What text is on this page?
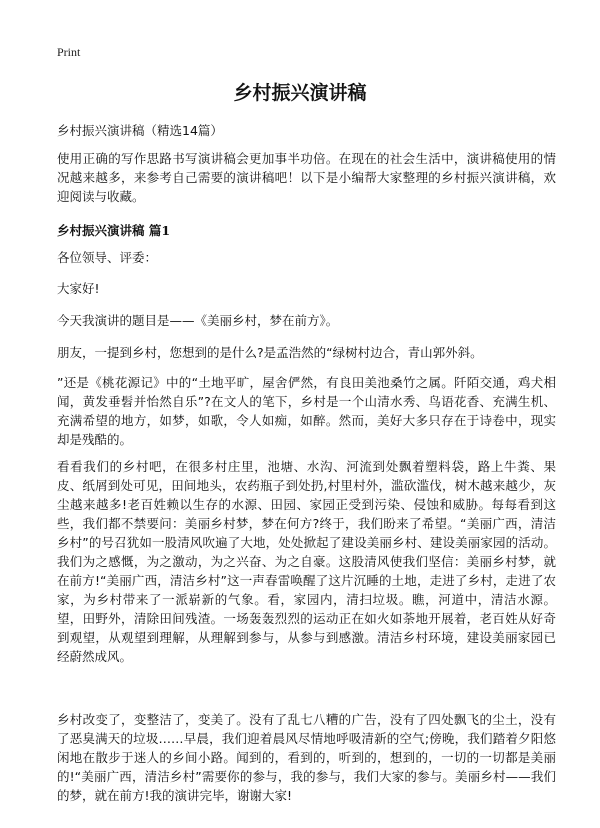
Print
乡村振兴演讲稿

乡村振兴演讲稿（精选14篇）

使用正确的写作思路书写演讲稿会更加事半功倍。在现在的社会生活中，演讲稿使用的情况越来越多，来参考自己需要的演讲稿吧！以下是小编帮大家整理的乡村振兴演讲稿，欢迎阅读与收藏。

乡村振兴演讲稿 篇1

各位领导、评委：

大家好!

今天我演讲的题目是——《美丽乡村，梦在前方》。

朋友，一提到乡村，您想到的是什么?是孟浩然的“绿树村边合，青山郭外斜。

”还是《桃花源记》中的“土地平旷，屋舍俨然，有良田美池桑竹之属。阡陌交通，鸡犬相闻，黄发垂髫并怡然自乐”?在文人的笔下，乡村是一个山清水秀、鸟语花香、充满生机、充满希望的地方，如梦，如歌，令人如痴，如醉。然而，美好大多只存在于诗卷中，现实却是残酷的。

看看我们的乡村吧，在很多村庄里，池塘、水沟、河流到处飘着塑料袋，路上牛粪、果皮、纸屑到处可见，田间地头，农药瓶子到处扔,村里村外，滥砍滥伐，树木越来越少，灰尘越来越多!老百姓赖以生存的水源、田园、家园正受到污染、侵蚀和威胁。每每看到这些，我们都不禁要问：美丽乡村梦，梦在何方?终于，我们盼来了希望。“美丽广西，清洁乡村”的号召犹如一股清风吹遍了大地，处处掀起了建设美丽乡村、建设美丽家园的活动。我们为之感慨，为之激动，为之兴奋、为之自豪。这股清风使我们坚信：美丽乡村梦，就在前方!“美丽广西，清洁乡村”这一声春雷唤醒了这片沉睡的土地，走进了乡村，走进了农家，为乡村带来了一派崭新的气象。看，家园内，清扫垃圾。瞧，河道中，清洁水源。望，田野外，清除田间残渣。一场轰轰烈烈的运动正在如火如荼地开展着，老百姓从好奇到观望，从观望到理解，从理解到参与，从参与到感激。清洁乡村环境，建设美丽家园已经蔚然成风。

乡村改变了，变整洁了，变美了。没有了乱七八糟的广告，没有了四处飘飞的尘土，没有了恶臭满天的垃圾……早晨，我们迎着晨风尽情地呼吸清新的空气;傍晚，我们踏着夕阳悠闲地在散步于迷人的乡间小路。闻到的，看到的，听到的，想到的，一切的一切都是美丽的!“美丽广西，清洁乡村”需要你的参与，我的参与，我们大家的参与。美丽乡村——我们的梦，就在前方!我的演讲完毕，谢谢大家!
